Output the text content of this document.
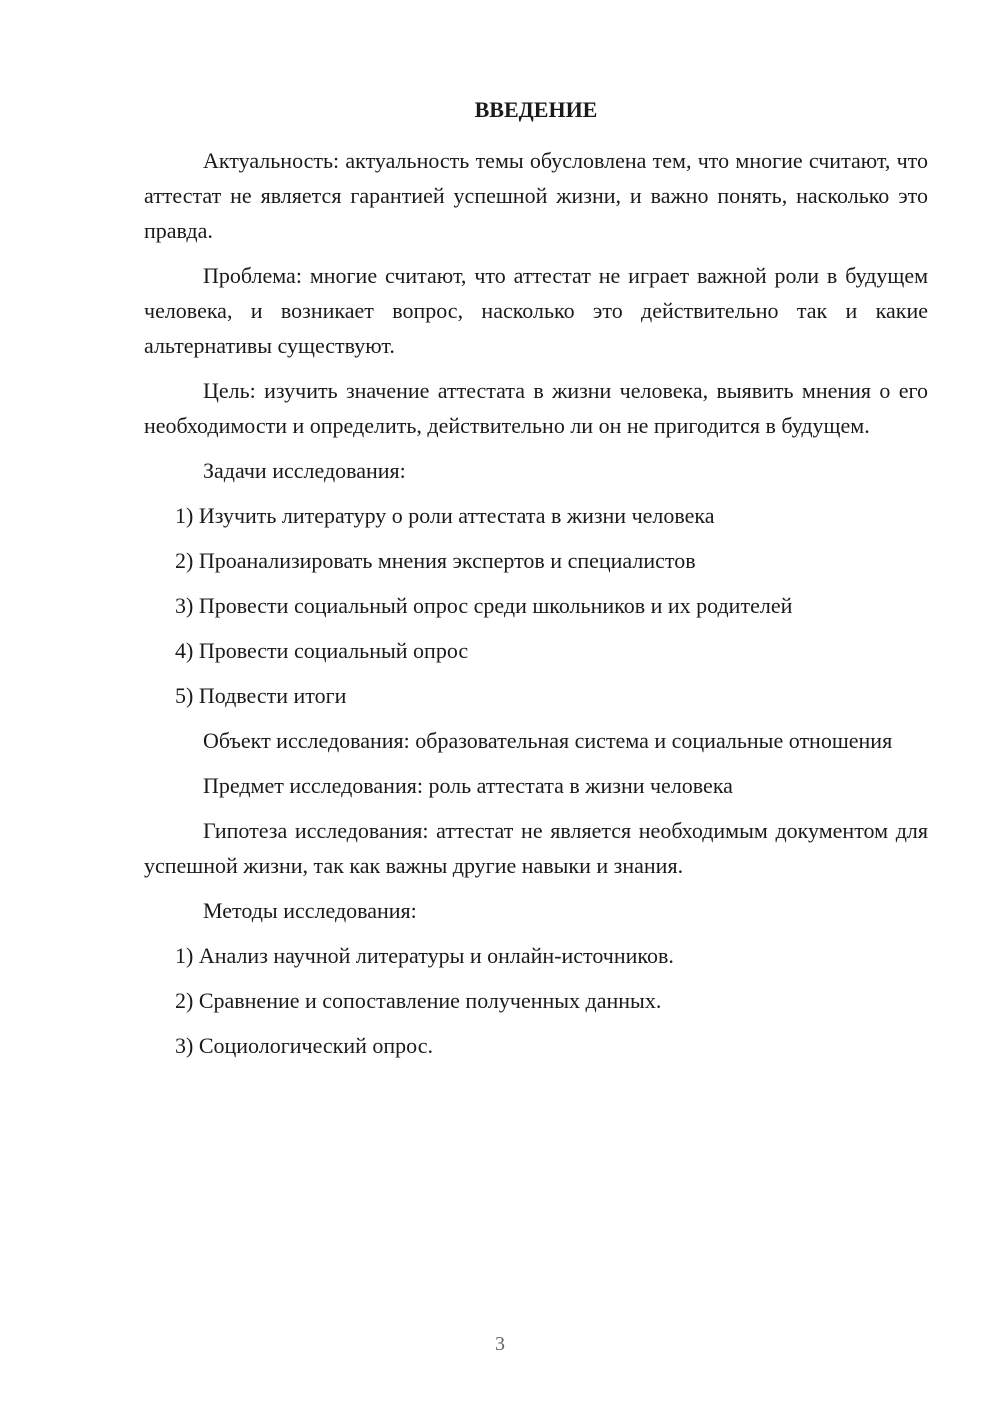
ВВЕДЕНИЕ

Актуальность: актуальность темы обусловлена тем, что многие считают, что аттестат не является гарантией успешной жизни, и важно понять, насколько это правда.

Проблема: многие считают, что аттестат не играет важной роли в будущем человека, и возникает вопрос, насколько это действительно так и какие альтернативы существуют.

Цель: изучить значение аттестата в жизни человека, выявить мнения о его необходимости и определить, действительно ли он не пригодится в будущем.

Задачи исследования:

1) Изучить литературу о роли аттестата в жизни человека
2) Проанализировать мнения экспертов и специалистов
3) Провести социальный опрос среди школьников и их родителей
4) Провести социальный опрос
5) Подвести итоги

Объект исследования: образовательная система и социальные отношения

Предмет исследования: роль аттестата в жизни человека

Гипотеза исследования: аттестат не является необходимым документом для успешной жизни, так как важны другие навыки и знания.

Методы исследования:

1) Анализ научной литературы и онлайн-источников.
2) Сравнение и сопоставление полученных данных.
3) Социологический опрос.
3
